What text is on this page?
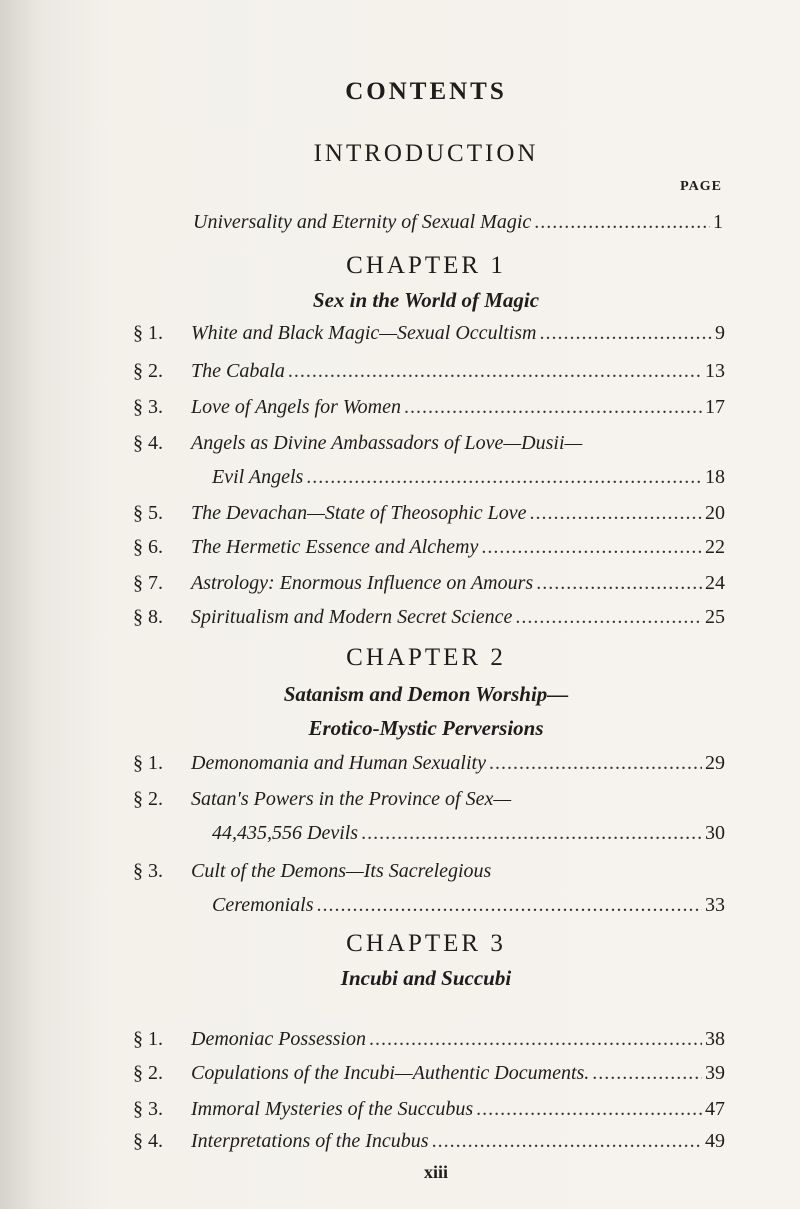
CONTENTS
INTRODUCTION
PAGE
Universality and Eternity of Sexual Magic .....	1
CHAPTER 1
Sex in the World of Magic
§ 1.	White and Black Magic—Sexual Occultism .....	9
§ 2.	The Cabala .....	13
§ 3.	Love of Angels for Women .....	17
§ 4.	Angels as Divine Ambassadors of Love—Dusii—
Evil Angels .....	18
§ 5.	The Devachan—State of Theosophic Love .....	20
§ 6.	The Hermetic Essence and Alchemy .....	22
§ 7.	Astrology: Enormous Influence on Amours .....	24
§ 8.	Spiritualism and Modern Secret Science .....	25
CHAPTER 2
Satanism and Demon Worship—
Erotico-Mystic Perversions
§ 1.	Demonomania and Human Sexuality .....	29
§ 2.	Satan's Powers in the Province of Sex—
44,435,556 Devils .....	30
§ 3.	Cult of the Demons—Its Sacrelegious
Ceremonials .....	33
CHAPTER 3
Incubi and Succubi
§ 1.	Demoniac Possession .....	38
§ 2.	Copulations of the Incubi—Authentic Documents. .....	39
§ 3.	Immoral Mysteries of the Succubus .....	47
§ 4.	Interpretations of the Incubus .....	49
xiii
